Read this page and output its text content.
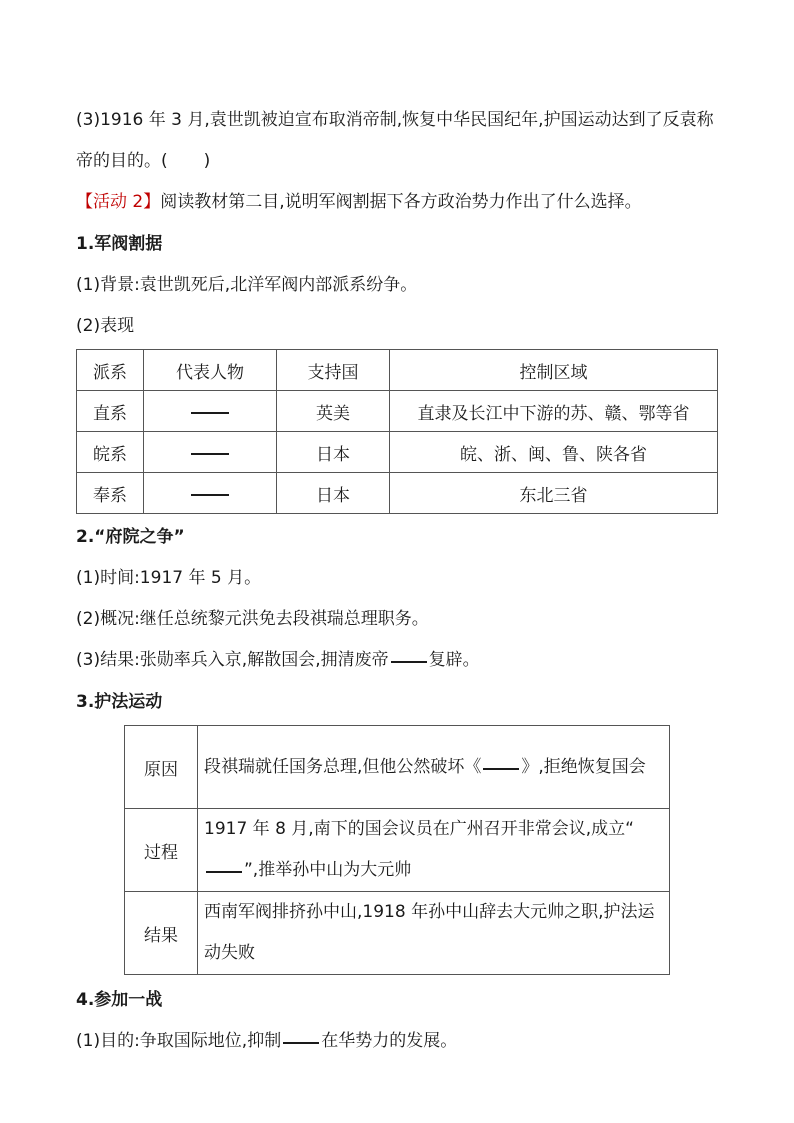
(3)1916 年 3 月,袁世凯被迫宣布取消帝制,恢复中华民国纪年,护国运动达到了反袁称帝的目的。( )

【活动 2】阅读教材第二目,说明军阀割据下各方政治势力作出了什么选择。

1.军阀割据

(1)背景:袁世凯死后,北洋军阀内部派系纷争。

(2)表现

派系	代表人物	支持国	控制区域
直系		英美	直隶及长江中下游的苏、赣、鄂等省
皖系		日本	皖、浙、闽、鲁、陕各省
奉系		日本	东北三省

2.“府院之争”

(1)时间:1917 年 5 月。

(2)概况:继任总统黎元洪免去段祺瑞总理职务。

(3)结果:张勋率兵入京,解散国会,拥清废帝 复辟。

3.护法运动

原因	段祺瑞就任国务总理,但他公然破坏《 》,拒绝恢复国会
过程	1917 年 8 月,南下的国会议员在广州召开非常会议,成立“”,推举孙中山为大元帅
结果	西南军阀排挤孙中山,1918 年孙中山辞去大元帅之职,护法运动失败

4.参加一战

(1)目的:争取国际地位,抑制 在华势力的发展。
